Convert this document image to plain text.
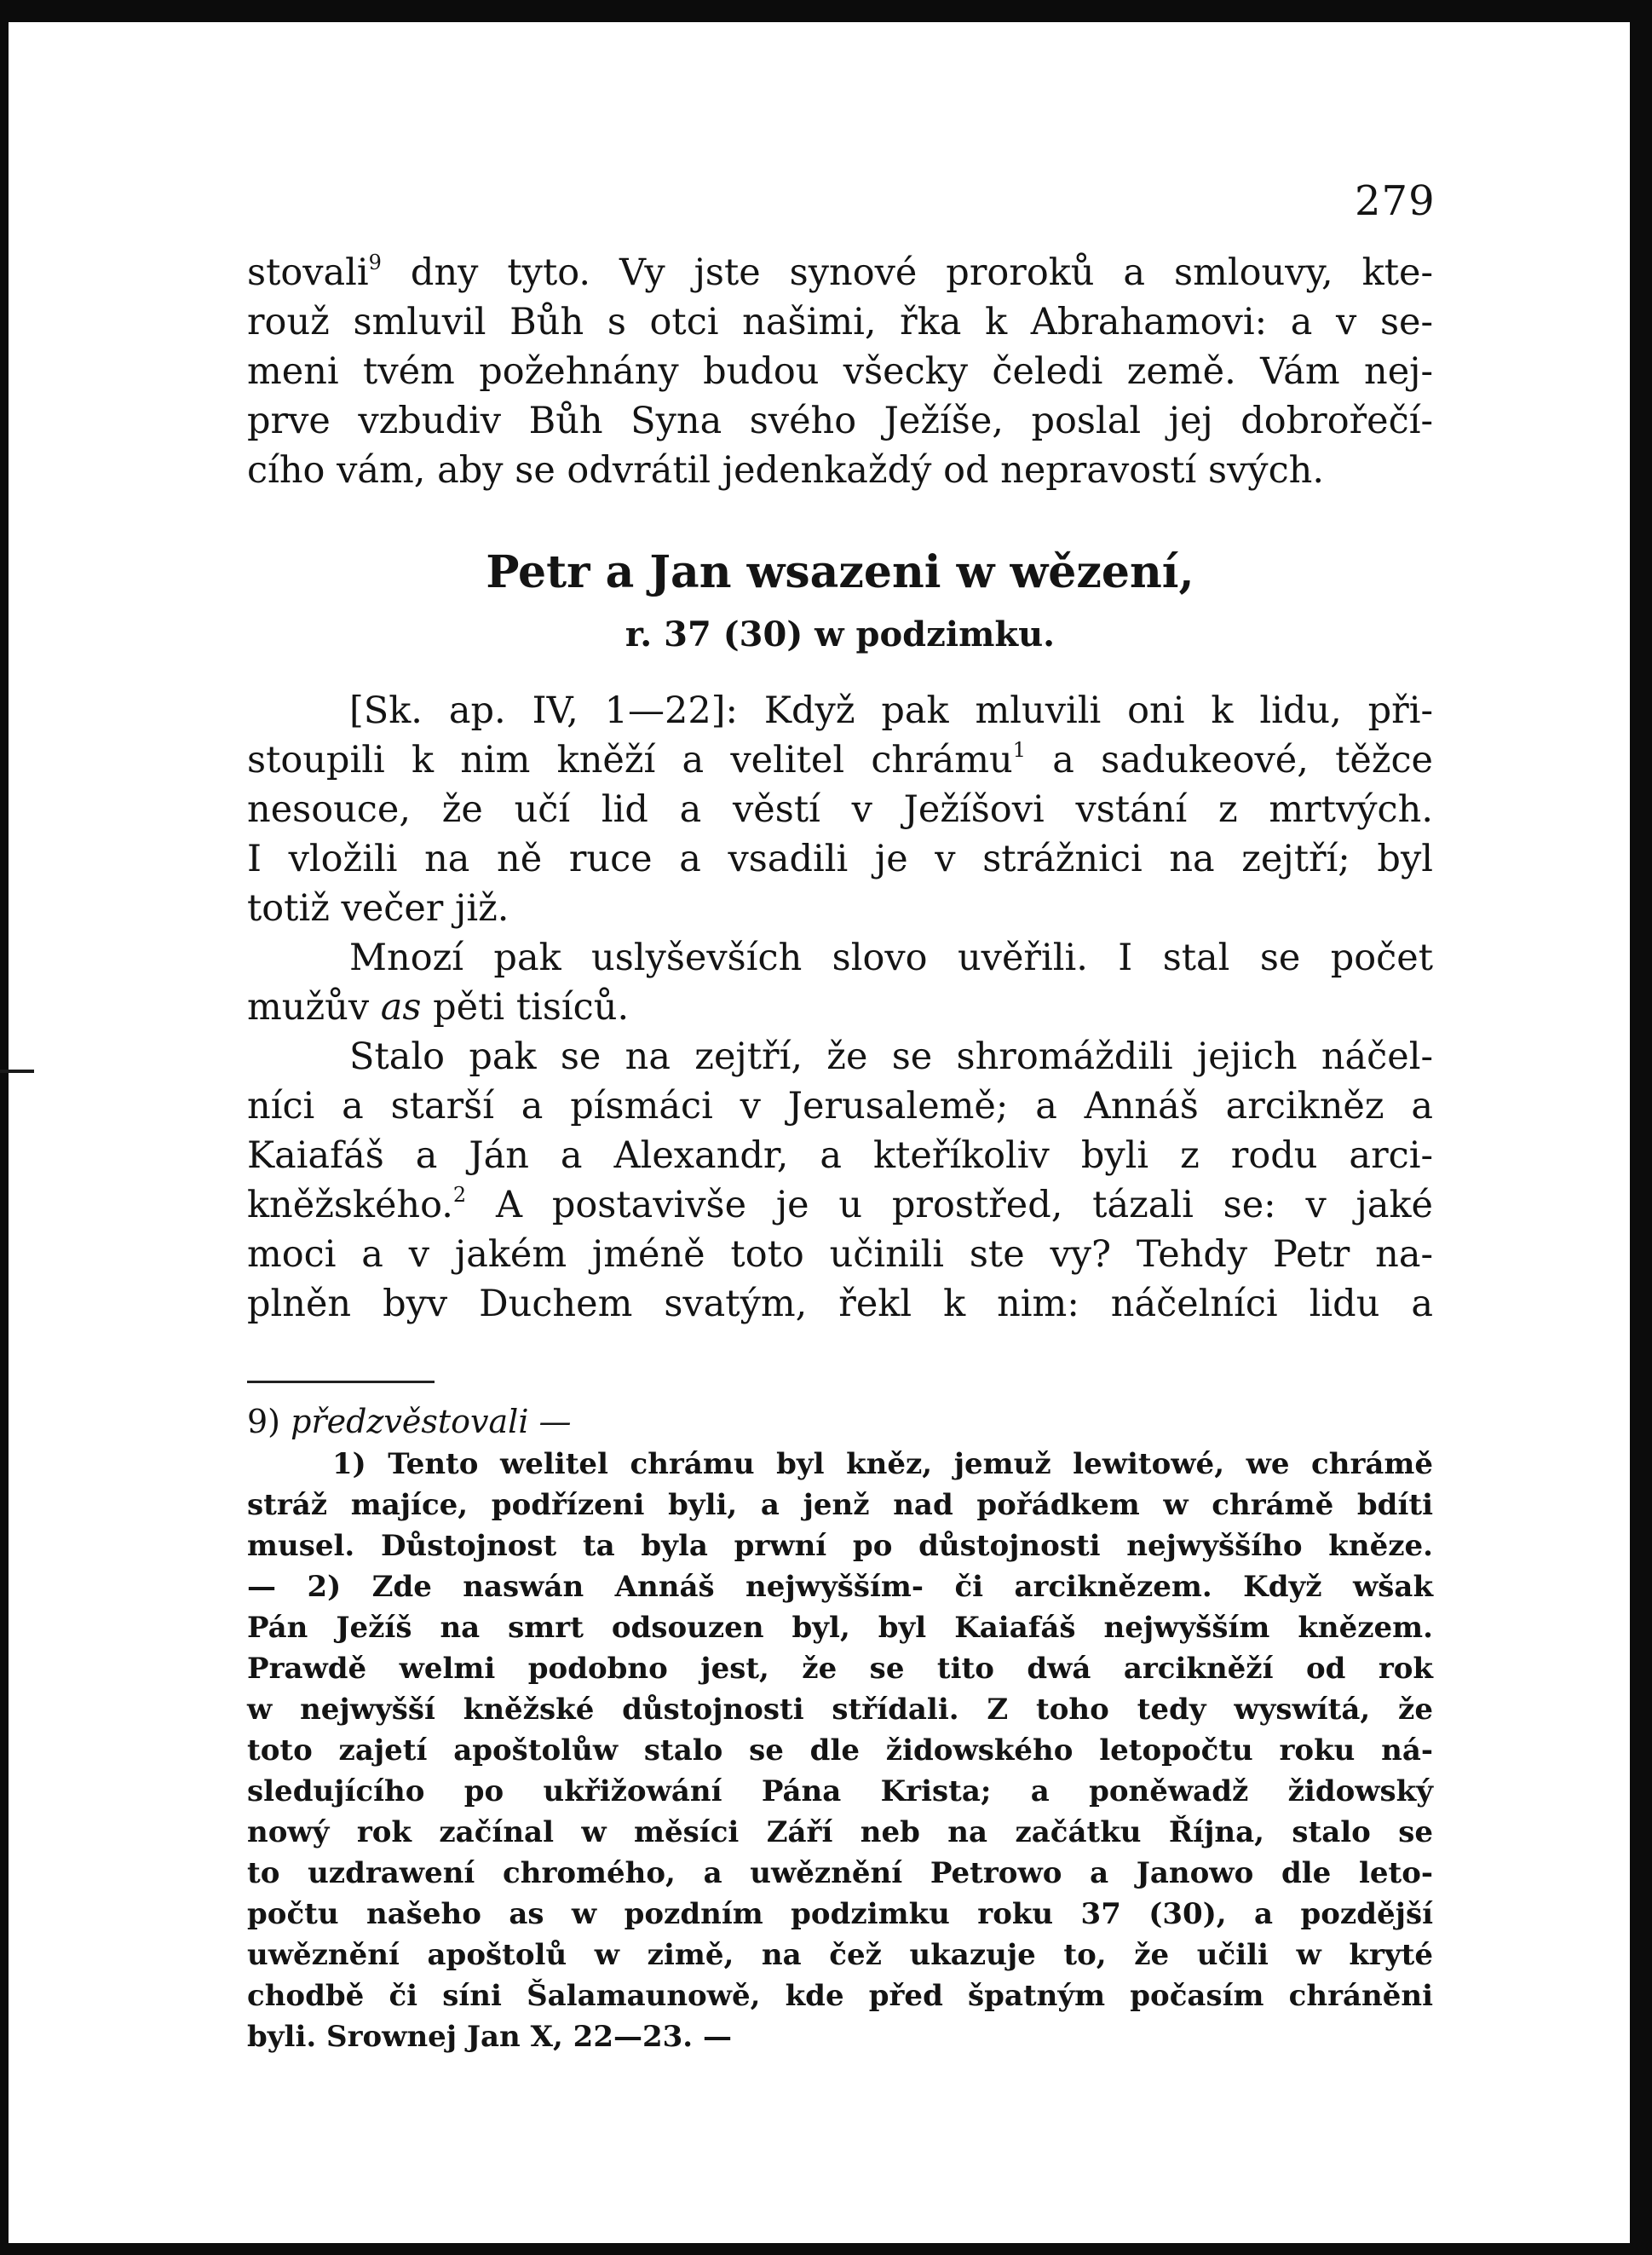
279
stovali$^9$ dny tyto. Vy jste synové proroků a smlouvy, kte-
rouž smluvil Bůh s otci našimi, řka k Abrahamovi: a v se-
meni tvém požehnány budou všecky čeledi země. Vám nej-
prve vzbudiv Bůh Syna svého Ježíše, poslal jej dobrořečí-
cího vám, aby se odvrátil jedenkaždý od nepravostí svých.
Petr a Jan wsazeni w wězení,
r. 37 (30) w podzimku.
[Sk. ap. IV, 1—22]: Když pak mluvili oni k lidu, při-
stoupili k nim kněží a velitel chrámu$^1$ a sadukeové, těžce
nesouce, že učí lid a věstí v Ježíšovi vstání z mrtvých.
I vložili na ně ruce a vsadili je v strážnici na zejtří; byl
totiž večer již.
Mnozí pak uslyševších slovo uvěřili. I stal se počet
mužův as pěti tisíců.
Stalo pak se na zejtří, že se shromáždili jejich náčel-
níci a starší a písmáci v Jerusalemě; a Annáš arcikněz a
Kaiafáš a Ján a Alexandr, a kteříkoliv byli z rodu arci-
kněžského.$^2$ A postavivše je u prostřed, tázali se: v jaké
moci a v jakém jméně toto učinili ste vy? Tehdy Petr na-
plněn byv Duchem svatým, řekl k nim: náčelníci lidu a
9) předzvěstovali —
1) Tento welitel chrámu byl kněz, jemuž lewitowé, we chrámě
stráž majíce, podřízeni byli, a jenž nad pořádkem w chrámě bdíti
musel. Důstojnost ta byla prwní po důstojnosti nejwyššího kněze.
— 2) Zde naswán Annáš nejwyšším- či arciknězem. Když wšak
Pán Ježíš na smrt odsouzen byl, byl Kaiafáš nejwyšším knězem.
Prawdě welmi podobno jest, že se tito dwá arcikněží od rok
w nejwyšší kněžské důstojnosti střídali. Z toho tedy wyswítá, že
toto zajetí apoštolůw stalo se dle židowského letopočtu roku ná-
sledujícího po ukřižowání Pána Krista; a poněwadž židowský
nowý rok začínal w měsíci Září neb na začátku Října, stalo se
to uzdrawení chromého, a uwěznění Petrowo a Janowo dle leto-
počtu našeho as w pozdním podzimku roku 37 (30), a pozdější
uwěznění apoštolů w zimě, na čež ukazuje to, že učili w kryté
chodbě či síni Šalamaunowě, kde před špatným počasím chráněni
byli. Srownej Jan X, 22—23. —
